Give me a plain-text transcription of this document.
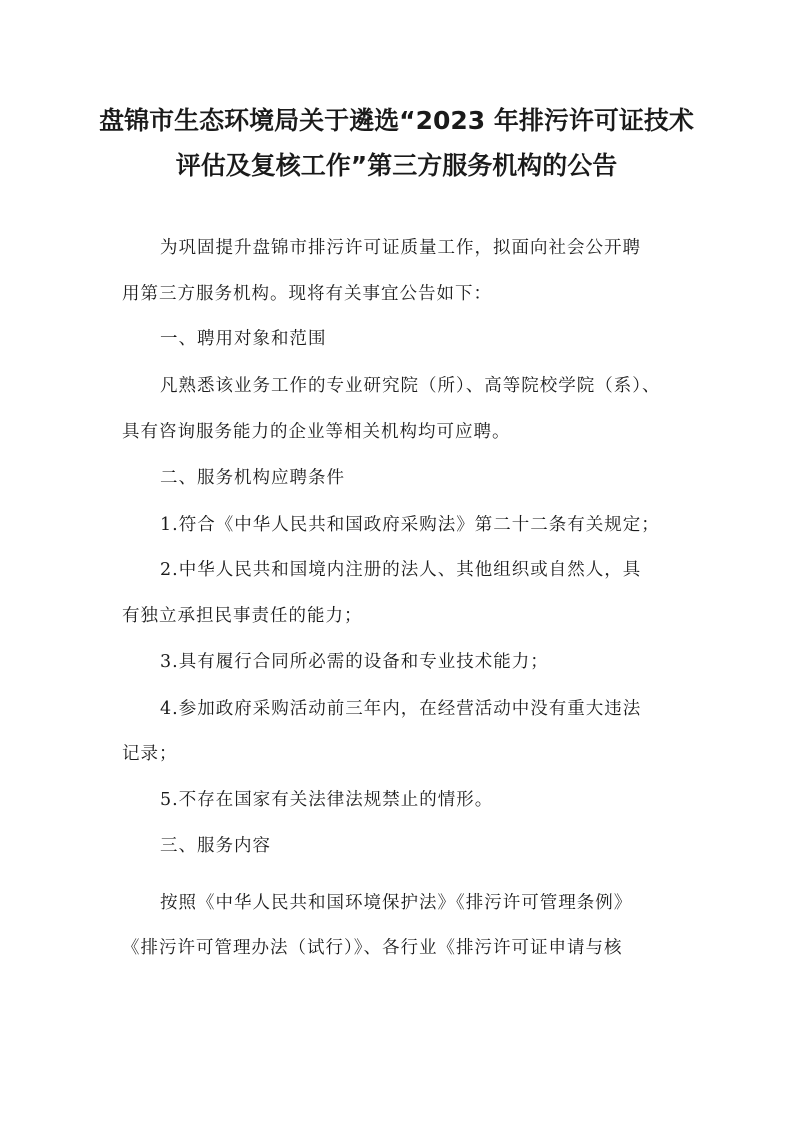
盘锦市生态环境局关于遴选“2023 年排污许可证技术
评估及复核工作”第三方服务机构的公告

为巩固提升盘锦市排污许可证质量工作，拟面向社会公开聘

用第三方服务机构。现将有关事宜公告如下：

一、聘用对象和范围

凡熟悉该业务工作的专业研究院（所）、高等院校学院（系）、

具有咨询服务能力的企业等相关机构均可应聘。

二、服务机构应聘条件

1.符合《中华人民共和国政府采购法》第二十二条有关规定；

2.中华人民共和国境内注册的法人、其他组织或自然人，具

有独立承担民事责任的能力；

3.具有履行合同所必需的设备和专业技术能力；

4.参加政府采购活动前三年内，在经营活动中没有重大违法

记录；

5.不存在国家有关法律法规禁止的情形。

三、服务内容

按照《中华人民共和国环境保护法》《排污许可管理条例》

《排污许可管理办法（试行）》、各行业《排污许可证申请与核
